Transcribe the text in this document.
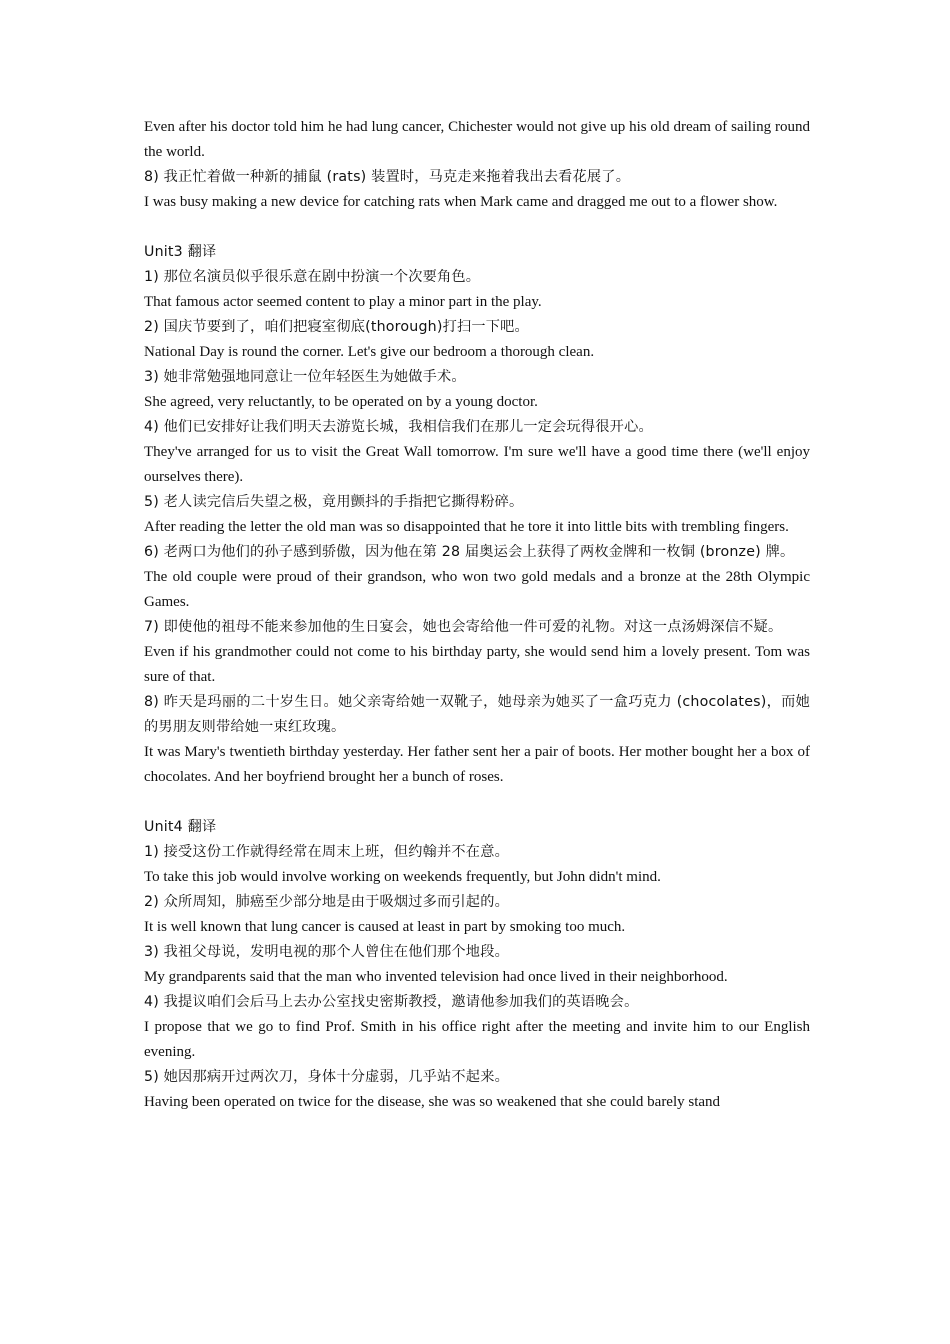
Even after his doctor told him he had lung cancer, Chichester would not give up his old dream of sailing round the world.

8) 我正忙着做一种新的捕鼠 (rats) 装置时，马克走来拖着我出去看花展了。

I was busy making a new device for catching rats when Mark came and dragged me out to a flower show.

Unit3 翻译

1) 那位名演员似乎很乐意在剧中扮演一个次要角色。

That famous actor seemed content to play a minor part in the play.

2) 国庆节要到了，咱们把寝室彻底(thorough)打扫一下吧。

National Day is round the corner. Let's give our bedroom a thorough clean.

3) 她非常勉强地同意让一位年轻医生为她做手术。

She agreed, very reluctantly, to be operated on by a young doctor.

4) 他们已安排好让我们明天去游览长城，我相信我们在那儿一定会玩得很开心。

They've arranged for us to visit the Great Wall tomorrow. I'm sure we'll have a good time there (we'll enjoy ourselves there).

5) 老人读完信后失望之极，竟用颤抖的手指把它撕得粉碎。

After reading the letter the old man was so disappointed that he tore it into little bits with trembling fingers.

6) 老两口为他们的孙子感到骄傲，因为他在第 28 届奥运会上获得了两枚金牌和一枚铜 (bronze) 牌。

The old couple were proud of their grandson, who won two gold medals and a bronze at the 28th Olympic Games.

7) 即使他的祖母不能来参加他的生日宴会，她也会寄给他一件可爱的礼物。对这一点汤姆深信不疑。

Even if his grandmother could not come to his birthday party, she would send him a lovely present. Tom was sure of that.

8) 昨天是玛丽的二十岁生日。她父亲寄给她一双靴子，她母亲为她买了一盒巧克力 (chocolates)，而她的男朋友则带给她一束红玫瑰。

It was Mary's twentieth birthday yesterday. Her father sent her a pair of boots. Her mother bought her a box of chocolates. And her boyfriend brought her a bunch of roses.

Unit4 翻译

1) 接受这份工作就得经常在周末上班，但约翰并不在意。

To take this job would involve working on weekends frequently, but John didn't mind.

2) 众所周知，肺癌至少部分地是由于吸烟过多而引起的。

It is well known that lung cancer is caused at least in part by smoking too much.

3) 我祖父母说，发明电视的那个人曾住在他们那个地段。

My grandparents said that the man who invented television had once lived in their neighborhood.

4) 我提议咱们会后马上去办公室找史密斯教授，邀请他参加我们的英语晚会。

I propose that we go to find Prof. Smith in his office right after the meeting and invite him to our English evening.

5) 她因那病开过两次刀，身体十分虚弱，几乎站不起来。

Having been operated on twice for the disease, she was so weakened that she could barely stand
